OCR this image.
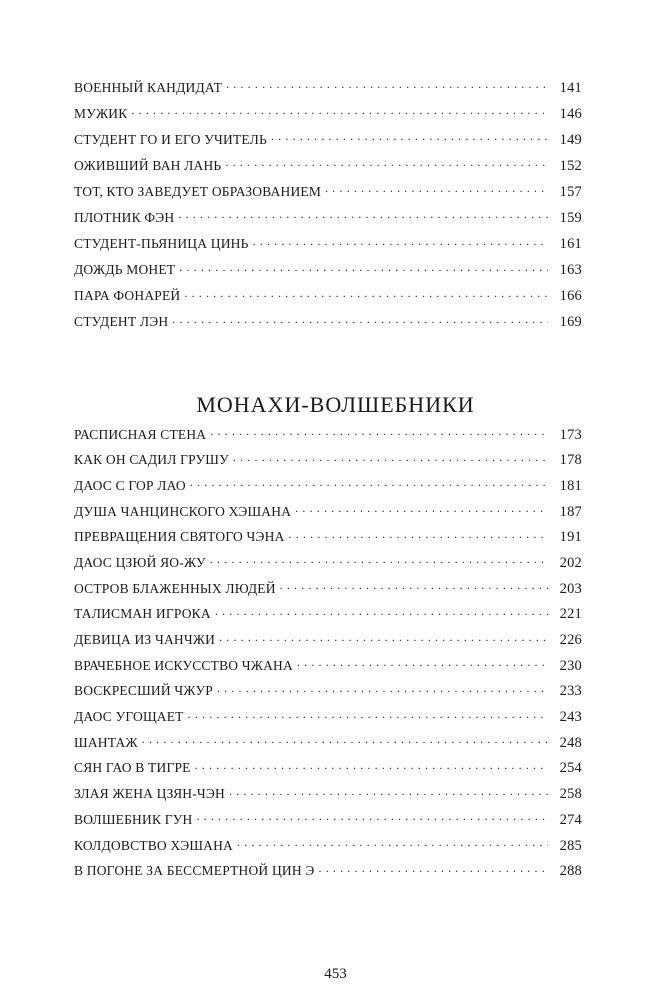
ВОЕННЫЙ КАНДИДАТ . . .	141
МУЖИК . . .	146
СТУДЕНТ ГО И ЕГО УЧИТЕЛЬ . . .	149
ОЖИВШИЙ ВАН ЛАНЬ . . .	152
ТОТ, КТО ЗАВЕДУЕТ ОБРАЗОВАНИЕМ . . .	157
ПЛОТНИК ФЭН . . .	159
СТУДЕНТ-ПЬЯНИЦА ЦИНЬ . . .	161
ДОЖДЬ МОНЕТ . . .	163
ПАРА ФОНАРЕЙ . . .	166
СТУДЕНТ ЛЭН . . .	169
МОНАХИ-ВОЛШЕБНИКИ
РАСПИСНАЯ СТЕНА . . .	173
КАК ОН САДИЛ ГРУШУ . . .	178
ДАОС С ГОР ЛАО . . .	181
ДУША ЧАНЦИНСКОГО ХЭШАНА . . .	187
ПРЕВРАЩЕНИЯ СВЯТОГО ЧЭНА . . .	191
ДАОС ЦЗЮЙ ЯО-ЖУ . . .	202
ОСТРОВ БЛАЖЕННЫХ ЛЮДЕЙ . . .	203
ТАЛИСМАН ИГРОКА . . .	221
ДЕВИЦА ИЗ ЧАНЧЖИ . . .	226
ВРАЧЕБНОЕ ИСКУССТВО ЧЖАНА . . .	230
ВОСКРЕСШИЙ ЧЖУР . . .	233
ДАОС УГОЩАЕТ . . .	243
ШАНТАЖ . . .	248
СЯН ГАО В ТИГРЕ . . .	254
ЗЛАЯ ЖЕНА ЦЗЯН-ЧЭН . . .	258
ВОЛШЕБНИК ГУН . . .	274
КОЛДОВСТВО ХЭШАНА . . .	285
В ПОГОНЕ ЗА БЕССМЕРТНОЙ ЦИН Э . . .	288
453
